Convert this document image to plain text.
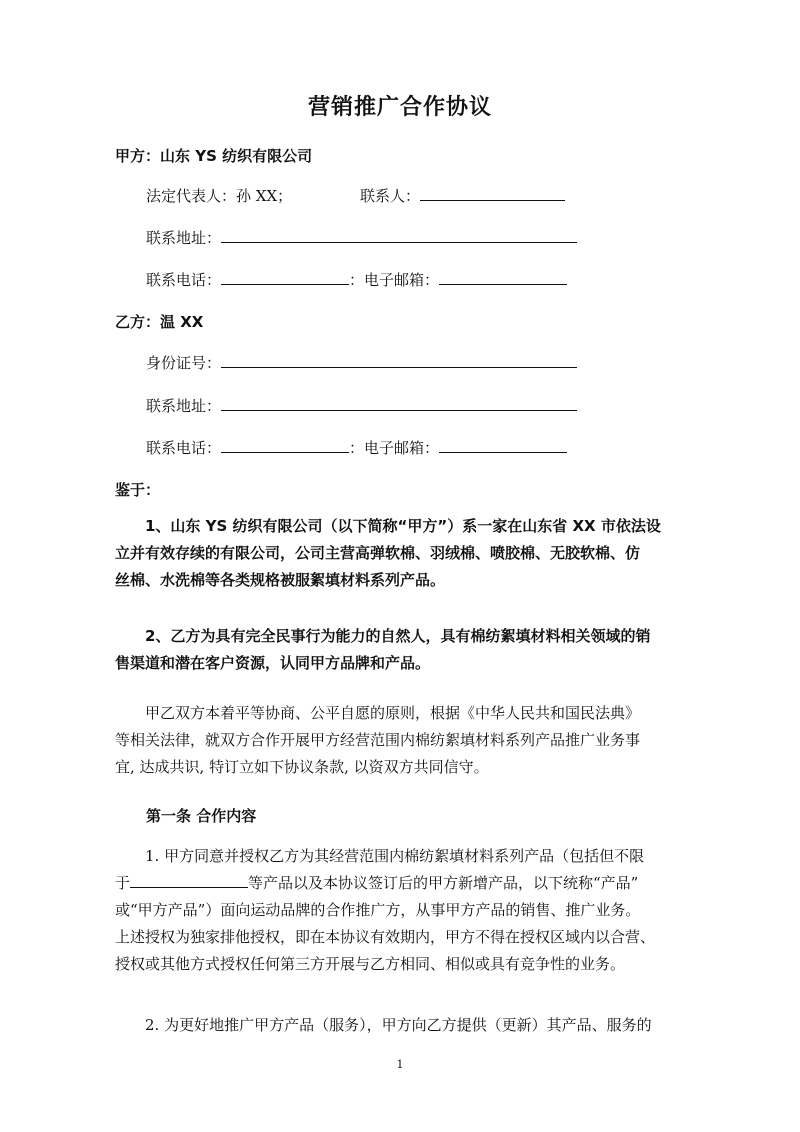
营销推广合作协议
甲方：山东 YS 纺织有限公司
法定代表人：孙 XX；	联系人：
联系地址：
联系电话：	：电子邮箱：
乙方：温 XX
身份证号：
联系地址：
联系电话：	：电子邮箱：
鉴于：
1、山东 YS 纺织有限公司（以下简称“甲方”）系一家在山东省 XX 市依法设
立并有效存续的有限公司，公司主营高弹软棉、羽绒棉、喷胶棉、无胶软棉、仿
丝棉、水洗棉等各类规格被服絮填材料系列产品。
2、乙方为具有完全民事行为能力的自然人，具有棉纺絮填材料相关领域的销
售渠道和潜在客户资源，认同甲方品牌和产品。
甲乙双方本着平等协商、公平自愿的原则，根据《中华人民共和国民法典》
等相关法律，就双方合作开展甲方经营范围内棉纺絮填材料系列产品推广业务事
宜, 达成共识, 特订立如下协议条款, 以资双方共同信守。
第一条 合作内容
1. 甲方同意并授权乙方为其经营范围内棉纺絮填材料系列产品（包括但不限
于	等产品以及本协议签订后的甲方新增产品，以下统称“产品”
或“甲方产品”）面向运动品牌的合作推广方，从事甲方产品的销售、推广业务。
上述授权为独家排他授权，即在本协议有效期内，甲方不得在授权区域内以合营、
授权或其他方式授权任何第三方开展与乙方相同、相似或具有竞争性的业务。
2. 为更好地推广甲方产品（服务），甲方向乙方提供（更新）其产品、服务的
1
